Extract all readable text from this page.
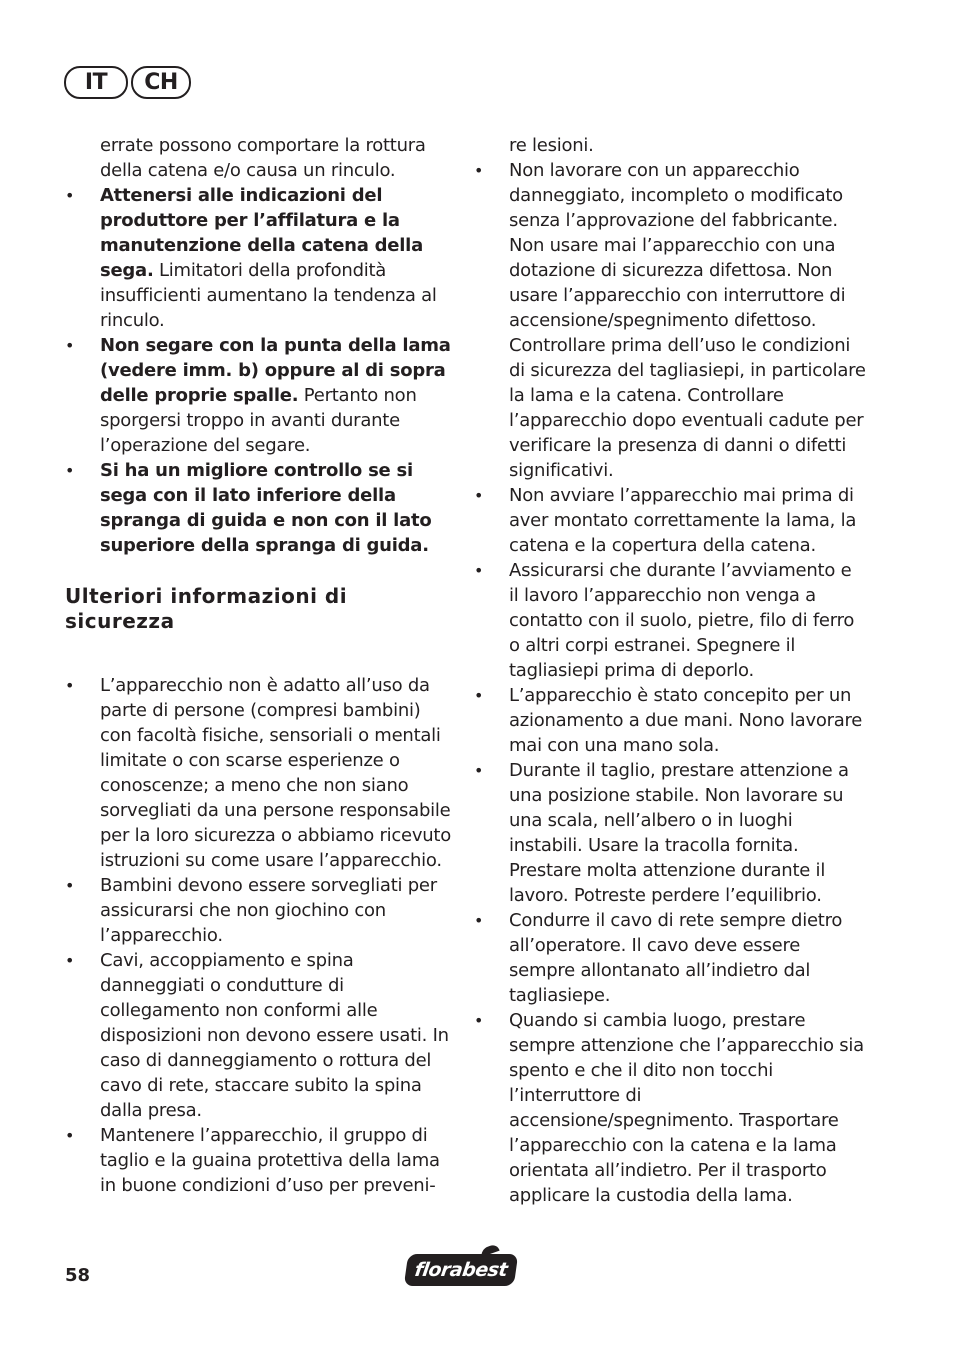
IT	CH

errate possono comportare la rottura della catena e/o causa un rinculo.

• Attenersi alle indicazioni del produttore per l’affilatura e la manutenzione della catena della sega. Limitatori della profondità insufficienti aumentano la tendenza al rinculo.
• Non segare con la punta della lama (vedere imm. b) oppure al di sopra delle proprie spalle. Pertanto non sporgersi troppo in avanti durante l’operazione del segare.
• Si ha un migliore controllo se si sega con il lato inferiore della spranga di guida e non con il lato superiore della spranga di guida.
Ulteriori informazioni di sicurezza
• L’apparecchio non è adatto all’uso da parte di persone (compresi bambini) con facoltà fisiche, sensoriali o mentali limitate o con scarse esperienze o conoscenze; a meno che non siano sorvegliati da una persone responsabile per la loro sicurezza o abbiamo ricevuto istruzioni su come usare l’apparecchio.
• Bambini devono essere sorvegliati per assicurarsi che non giochino con l’apparecchio.
• Cavi, accoppiamento e spina danneggiati o condutture di collegamento non conformi alle disposizioni non devono essere usati. In caso di danneggiamento o rottura del cavo di rete, staccare subito la spina dalla presa.
• Mantenere l’apparecchio, il gruppo di taglio e la guaina protettiva della lama in buone condizioni d’uso per preveni-

re lesioni.

• Non lavorare con un apparecchio danneggiato, incompleto o modificato senza l’approvazione del fabbricante. Non usare mai l’apparecchio con una dotazione di sicurezza difettosa. Non usare l’apparecchio con interruttore di accensione/spegnimento difettoso. Controllare prima dell’uso le condizioni di sicurezza del tagliasiepi, in particolare la lama e la catena. Controllare l’apparecchio dopo eventuali cadute per verificare la presenza di danni o difetti significativi.
• Non avviare l’apparecchio mai prima di aver montato correttamente la lama, la catena e la copertura della catena.
• Assicurarsi che durante l’avviamento e il lavoro l’apparecchio non venga a contatto con il suolo, pietre, filo di ferro o altri corpi estranei. Spegnere il tagliasiepi prima di deporlo.
• L’apparecchio è stato concepito per un azionamento a due mani. Nono lavorare mai con una mano sola.
• Durante il taglio, prestare attenzione a una posizione stabile. Non lavorare su una scala, nell’albero o in luoghi instabili. Usare la tracolla fornita. Prestare molta attenzione durante il lavoro. Potreste perdere l’equilibrio.
• Condurre il cavo di rete sempre dietro all’operatore. Il cavo deve essere sempre allontanato all’indietro dal tagliasiepe.
• Quando si cambia luogo, prestare sempre attenzione che l’apparecchio sia spento e che il dito non tocchi l’interruttore di accensione/spegnimento. Trasportare l’apparecchio con la catena e la lama orientata all’indietro. Per il trasporto applicare la custodia della lama.
58	florabest
